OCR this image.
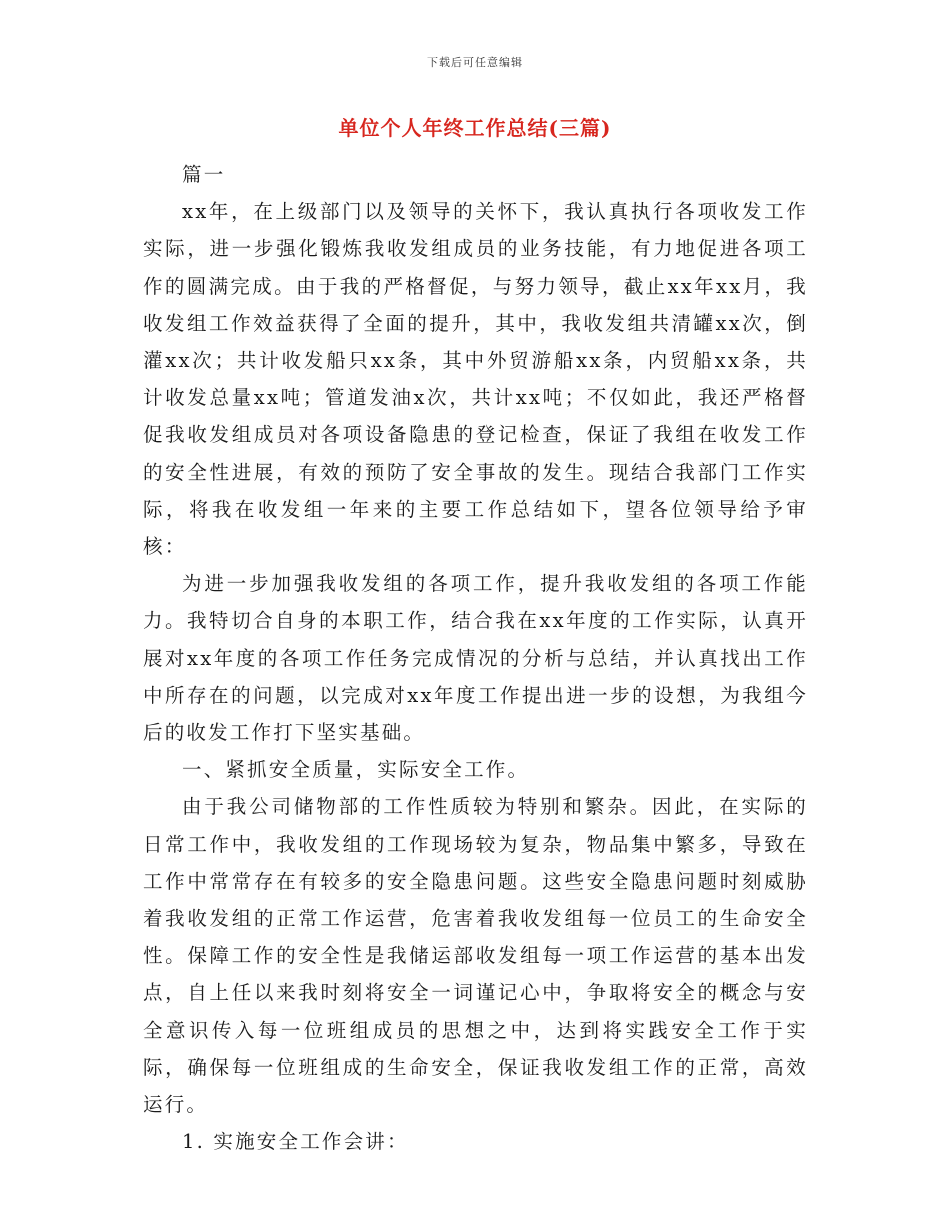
下载后可任意编辑
单位个人年终工作总结(三篇)

篇一

xx年，在上级部门以及领导的关怀下，我认真执行各项收发工作实际，进一步强化锻炼我收发组成员的业务技能，有力地促进各项工作的圆满完成。由于我的严格督促，与努力领导，截止xx年xx月，我收发组工作效益获得了全面的提升，其中，我收发组共清罐xx次，倒灌xx次；共计收发船只xx条，其中外贸游船xx条，内贸船xx条，共计收发总量xx吨；管道发油x次，共计xx吨；不仅如此，我还严格督促我收发组成员对各项设备隐患的登记检查，保证了我组在收发工作的安全性进展，有效的预防了安全事故的发生。现结合我部门工作实际，将我在收发组一年来的主要工作总结如下，望各位领导给予审核：

为进一步加强我收发组的各项工作，提升我收发组的各项工作能力。我特切合自身的本职工作，结合我在xx年度的工作实际，认真开展对xx年度的各项工作任务完成情况的分析与总结，并认真找出工作中所存在的问题，以完成对xx年度工作提出进一步的设想，为我组今后的收发工作打下坚实基础。

一、紧抓安全质量，实际安全工作。

由于我公司储物部的工作性质较为特别和繁杂。因此，在实际的日常工作中，我收发组的工作现场较为复杂，物品集中繁多，导致在工作中常常存在有较多的安全隐患问题。这些安全隐患问题时刻威胁着我收发组的正常工作运营，危害着我收发组每一位员工的生命安全性。保障工作的安全性是我储运部收发组每一项工作运营的基本出发点，自上任以来我时刻将安全一词谨记心中，争取将安全的概念与安全意识传入每一位班组成员的思想之中，达到将实践安全工作于实际，确保每一位班组成的生命安全，保证我收发组工作的正常，高效运行。

1. 实施安全工作会讲：
